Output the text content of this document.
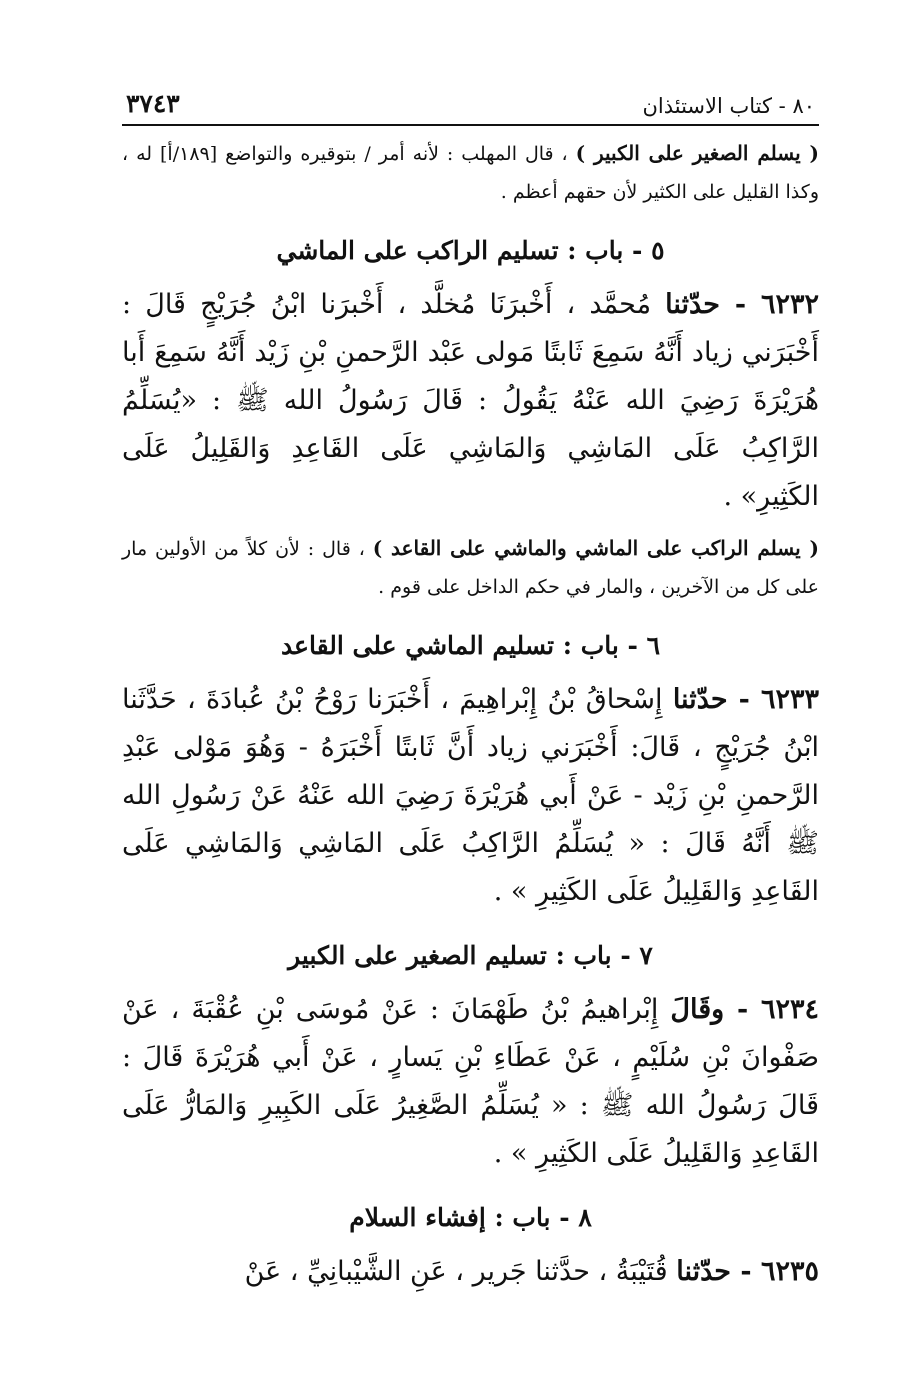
٨٠ - كتاب الاستئذان
٣٧٤٣

( يسلم الصغير على الكبير ) ، قال المهلب : لأنه أمر / بتوقيره والتواضع [١٨٩/أ] له ، وكذا القليل على الكثير لأن حقهم أعظم .

٥ - باب : تسليم الراكب على الماشي

٦٢٣٢ - حدّثنا مُحمَّد ، أَخْبرَنَا مُخلَّد ، أَخْبرَنا ابْنُ جُرَيْجٍ قَالَ : أَخْبَرَني زياد أَنَّهُ سَمِعَ ثَابتًا مَولى عَبْد الرَّحمنِ بْنِ زَيْد أَنَّهُ سَمِعَ أَبا هُرَيْرَةَ رَضِيَ الله عَنْهُ يَقُولُ : قَالَ رَسُولُ الله ﷺ : «يُسَلِّمُ الرَّاكِبُ عَلَى المَاشِي وَالمَاشِي عَلَى القَاعِدِ وَالقَلِيلُ عَلَى الكَثِيرِ» .

( يسلم الراكب على الماشي والماشي على القاعد ) ، قال : لأن كلاً من الأولين مار على كل من الآخرين ، والمار في حكم الداخل على قوم .

٦ - باب : تسليم الماشي على القاعد

٦٢٣٣ - حدّثنا إِسْحاقُ بْنُ إِبْراهِيمَ ، أَخْبَرَنا رَوْحُ بْنُ عُبادَةَ ، حَدَّثَنا ابْنُ جُرَيْجٍ ، قَالَ: أَخْبَرَني زياد أَنَّ ثَابتًا أَخْبَرَهُ - وَهُوَ مَوْلى عَبْدِ الرَّحمنِ بْنِ زَيْد - عَنْ أَبي هُرَيْرَةَ رَضِيَ الله عَنْهُ عَنْ رَسُولِ الله ﷺ أَنَّهُ قَالَ : « يُسَلِّمُ الرَّاكِبُ عَلَى المَاشِي وَالمَاشِي عَلَى القَاعِدِ وَالقَلِيلُ عَلَى الكَثِيرِ » .

٧ - باب : تسليم الصغير على الكبير

٦٢٣٤ - وقَالَ إِبْراهيمُ بْنُ طَهْمَانَ : عَنْ مُوسَى بْنِ عُقْبَةَ ، عَنْ صَفْوانَ بْنِ سُلَيْمٍ ، عَنْ عَطَاءِ بْنِ يَسارٍ ، عَنْ أَبي هُرَيْرَةَ قَالَ : قَالَ رَسُولُ الله ﷺ : « يُسَلِّمُ الصَّغِيرُ عَلَى الكَبِيرِ وَالمَارُّ عَلَى القَاعِدِ وَالقَلِيلُ عَلَى الكَثِيرِ » .

٨ - باب : إفشاء السلام

٦٢٣٥ - حدّثنا قُتَيْبَةُ ، حدَّثنا جَرير ، عَنِ الشَّيْبانِيِّ ، عَنْ
